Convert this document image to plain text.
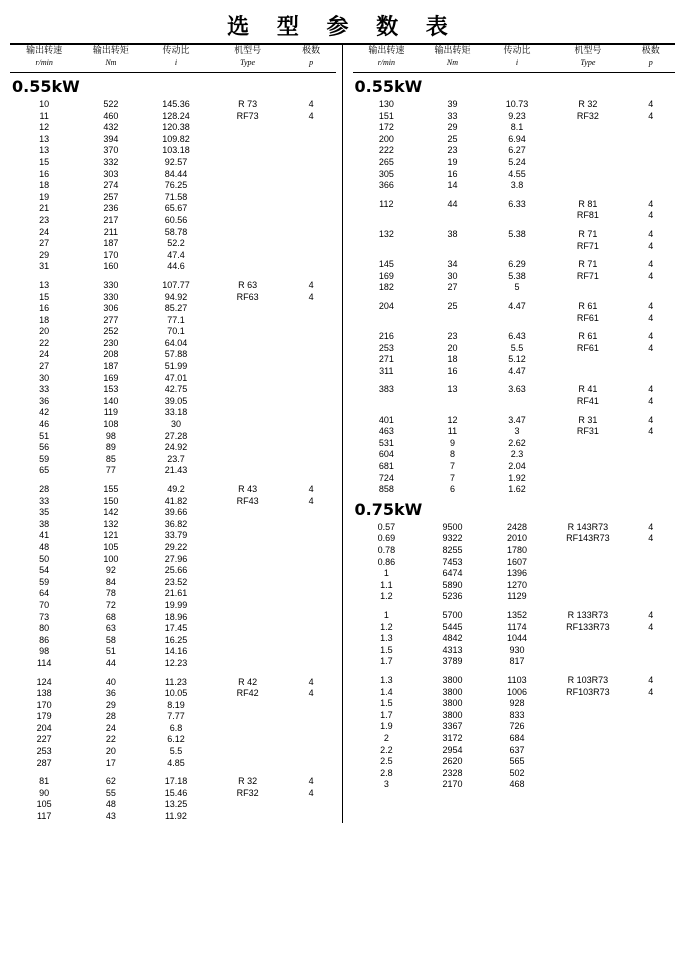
选 型 参 数 表
输出转速	输出转矩	传动比	机型号	极数
r/min	Nm	i	Type	p
0.55kW
10	522	145.36	R 73	4
11	460	128.24	RF73	4
12	432	120.38		
13	394	109.82		
13	370	103.18		
15	332	92.57		
16	303	84.44		
18	274	76.25		
19	257	71.58		
21	236	65.67		
23	217	60.56		
24	211	58.78		
27	187	52.2		
29	170	47.4		
31	160	44.6		

13	330	107.77	R 63	4
15	330	94.92	RF63	4
16	306	85.27		
18	277	77.1		
20	252	70.1		
22	230	64.04		
24	208	57.88		
27	187	51.99		
30	169	47.01		
33	153	42.75		
36	140	39.05		
42	119	33.18		
46	108	30		
51	98	27.28		
56	89	24.92		
59	85	23.7		
65	77	21.43		

28	155	49.2	R 43	4
33	150	41.82	RF43	4
35	142	39.66		
38	132	36.82		
41	121	33.79		
48	105	29.22		
50	100	27.96		
54	92	25.66		
59	84	23.52		
64	78	21.61		
70	72	19.99		
73	68	18.96		
80	63	17.45		
86	58	16.25		
98	51	14.16		
114	44	12.23		

124	40	11.23	R 42	4
138	36	10.05	RF42	4
170	29	8.19		
179	28	7.77		
204	24	6.8		
227	22	6.12		
253	20	5.5		
287	17	4.85		

81	62	17.18	R 32	4
90	55	15.46	RF32	4
105	48	13.25		
117	43	11.92		
输出转速	输出转矩	传动比	机型号	极数
r/min	Nm	i	Type	p
0.55kW
130	39	10.73	R 32	4
151	33	9.23	RF32	4
172	29	8.1		
200	25	6.94		
222	23	6.27		
265	19	5.24		
305	16	4.55		
366	14	3.8		

112	44	6.33	R 81	4
			RF81	4

132	38	5.38	R 71	4
			RF71	4

145	34	6.29	R 71	4
169	30	5.38	RF71	4
182	27	5		

204	25	4.47	R 61	4
			RF61	4

216	23	6.43	R 61	4
253	20	5.5	RF61	4
271	18	5.12		
311	16	4.47		

383	13	3.63	R 41	4
			RF41	4

401	12	3.47	R 31	4
463	11	3	RF31	4
531	9	2.62		
604	8	2.3		
681	7	2.04		
724	7	1.92		
858	6	1.62		
0.75kW
0.57	9500	2428	R 143R73	4
0.69	9322	2010	RF143R73	4
0.78	8255	1780		
0.86	7453	1607		
1	6474	1396		
1.1	5890	1270		
1.2	5236	1129		

1	5700	1352	R 133R73	4
1.2	5445	1174	RF133R73	4
1.3	4842	1044		
1.5	4313	930		
1.7	3789	817		

1.3	3800	1103	R 103R73	4
1.4	3800	1006	RF103R73	4
1.5	3800	928		
1.7	3800	833		
1.9	3367	726		
2	3172	684		
2.2	2954	637		
2.5	2620	565		
2.8	2328	502		
3	2170	468		
